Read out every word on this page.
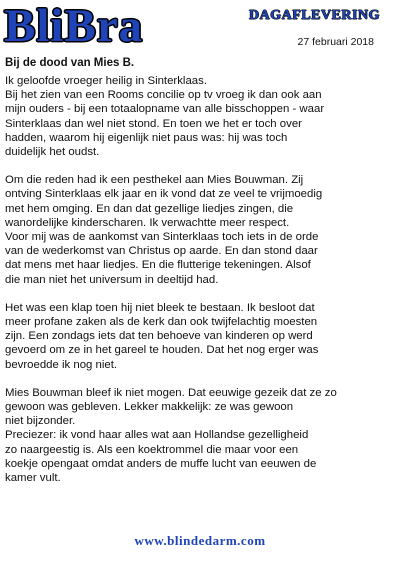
BliBra	DAGAFLEVERING
27 februari 2018
Bij de dood van Mies B.

Ik geloofde vroeger heilig in Sinterklaas.
Bij het zien van een Rooms concilie op tv vroeg ik dan ook aan
mijn ouders - bij een totaalopname van alle bisschoppen - waar
Sinterklaas dan wel niet stond. En toen we het er toch over
hadden, waarom hij eigenlijk niet paus was: hij was toch
duidelijk het oudst.

Om die reden had ik een pesthekel aan Mies Bouwman. Zij
ontving Sinterklaas elk jaar en ik vond dat ze veel te vrijmoedig
met hem omging. En dan dat gezellige liedjes zingen, die
wanordelijke kinderscharen. Ik verwachtte meer respect.
Voor mij was de aankomst van Sinterklaas toch iets in de orde
van de wederkomst van Christus op aarde. En dan stond daar
dat mens met haar liedjes. En die flutterige tekeningen. Alsof
die man niet het universum in deeltijd had.

Het was een klap toen hij niet bleek te bestaan. Ik besloot dat
meer profane zaken als de kerk dan ook twijfelachtig moesten
zijn. Een zondags iets dat ten behoeve van kinderen op werd
gevoerd om ze in het gareel te houden. Dat het nog erger was
bevroedde ik nog niet.

Mies Bouwman bleef ik niet mogen. Dat eeuwige gezeik dat ze zo
gewoon was gebleven. Lekker makkelijk: ze was gewoon
niet bijzonder.
Preciezer: ik vond haar alles wat aan Hollandse gezelligheid
zo naargeestig is. Als een koektrommel die maar voor een
koekje opengaat omdat anders de muffe lucht van eeuwen de
kamer vult.

www.blindedarm.com
